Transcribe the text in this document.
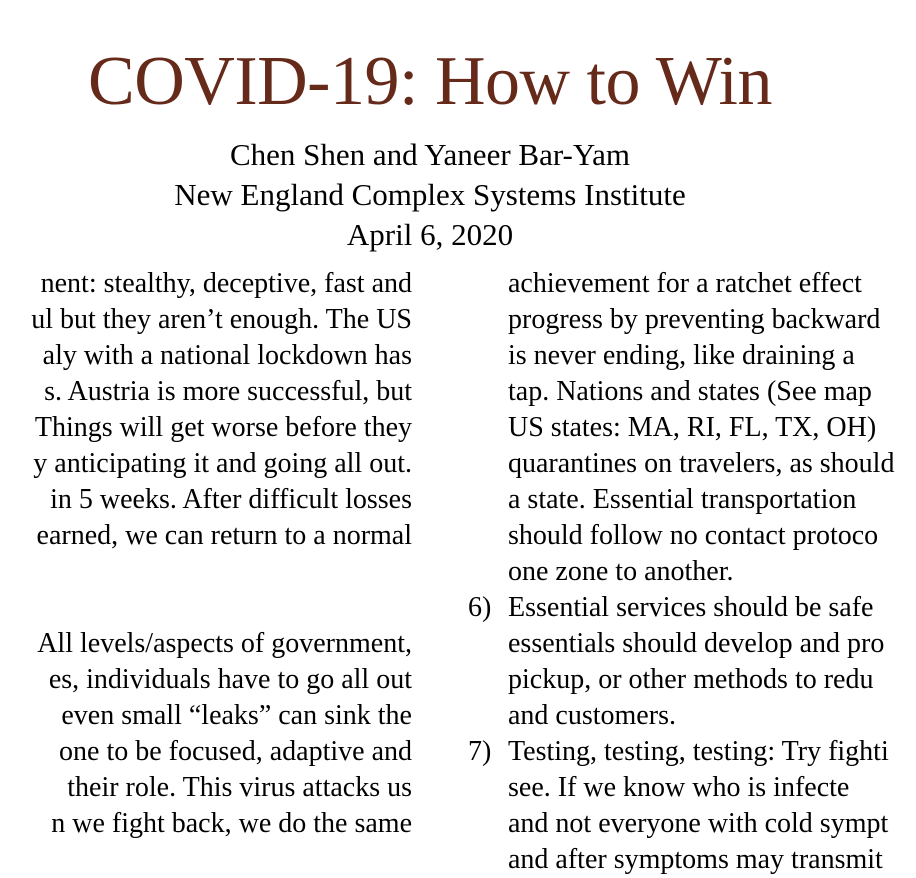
COVID-19: How to Win
Chen Shen and Yaneer Bar-Yam
New England Complex Systems Institute
April 6, 2020
nent: stealthy, deceptive, fast and
ul but they aren’t enough. The US
aly with a national lockdown has
s. Austria is more successful, but
Things will get worse before they
y anticipating it and going all out.
in 5 weeks. After difficult losses
earned, we can return to a normal
All levels/aspects of government,
es, individuals have to go all out
even small “leaks” can sink the
one to be focused, adaptive and
their role. This virus attacks us
n we fight back, we do the same
achievement for a ratchet effect
progress by preventing backward
is never ending, like draining a
tap. Nations and states (See map
US states: MA, RI, FL, TX, OH)
quarantines on travelers, as should
a state. Essential transportation
should follow no contact protoco
one zone to another.
6) Essential services should be safe
essentials should develop and pro
pickup, or other methods to redu
and customers.
7) Testing, testing, testing: Try fighti
see. If we know who is infecte
and not everyone with cold sympt
and after symptoms may transmit
